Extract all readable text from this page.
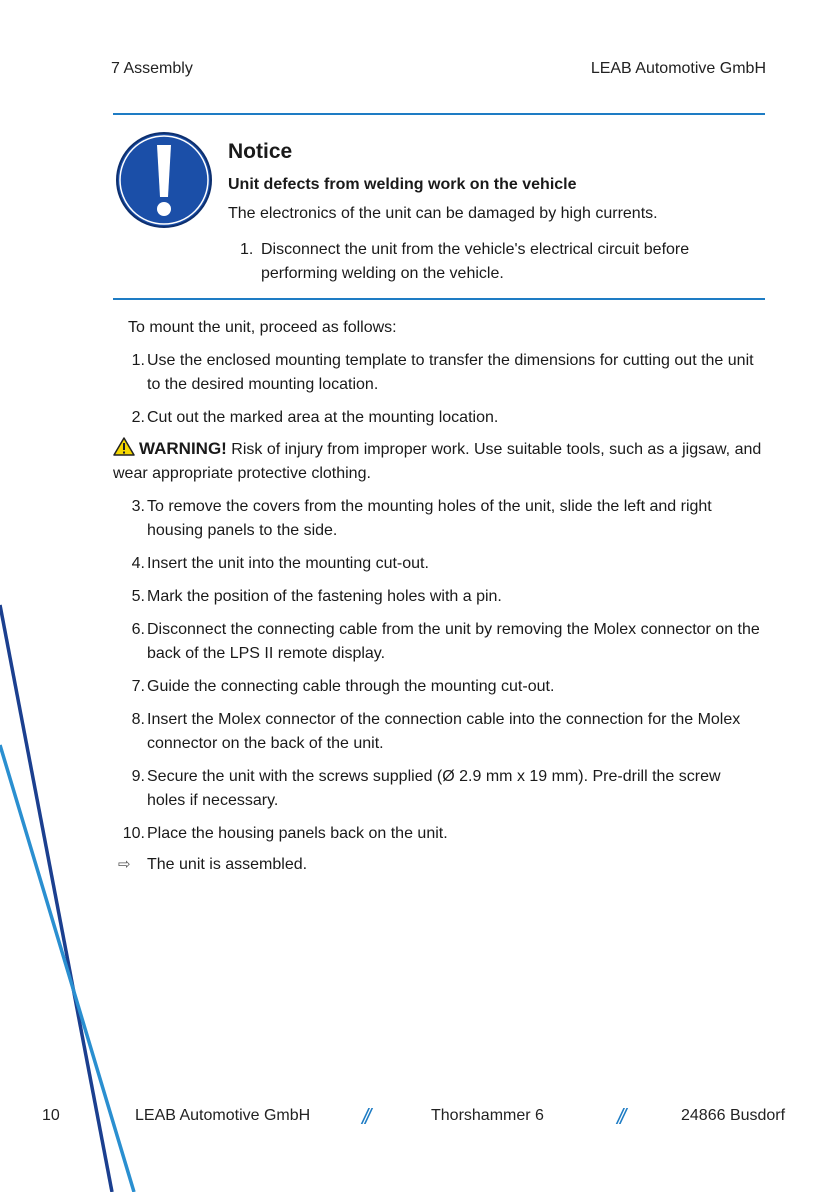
7 Assembly	LEAB Automotive GmbH
Notice
Unit defects from welding work on the vehicle
The electronics of the unit can be damaged by high currents.
1. Disconnect the unit from the vehicle's electrical circuit before performing welding on the vehicle.
To mount the unit, proceed as follows:
1. Use the enclosed mounting template to transfer the dimensions for cutting out the unit to the desired mounting location.
2. Cut out the marked area at the mounting location.
WARNING! Risk of injury from improper work. Use suitable tools, such as a jigsaw, and wear appropriate protective clothing.
3. To remove the covers from the mounting holes of the unit, slide the left and right housing panels to the side.
4. Insert the unit into the mounting cut-out.
5. Mark the position of the fastening holes with a pin.
6. Disconnect the connecting cable from the unit by removing the Molex connector on the back of the LPS II remote display.
7. Guide the connecting cable through the mounting cut-out.
8. Insert the Molex connector of the connection cable into the connection for the Molex connector on the back of the unit.
9. Secure the unit with the screws supplied (Ø 2.9 mm x 19 mm). Pre-drill the screw holes if necessary.
10. Place the housing panels back on the unit.
⇨ The unit is assembled.
10	LEAB Automotive GmbH //	Thorshammer 6	//	24866 Busdorf
